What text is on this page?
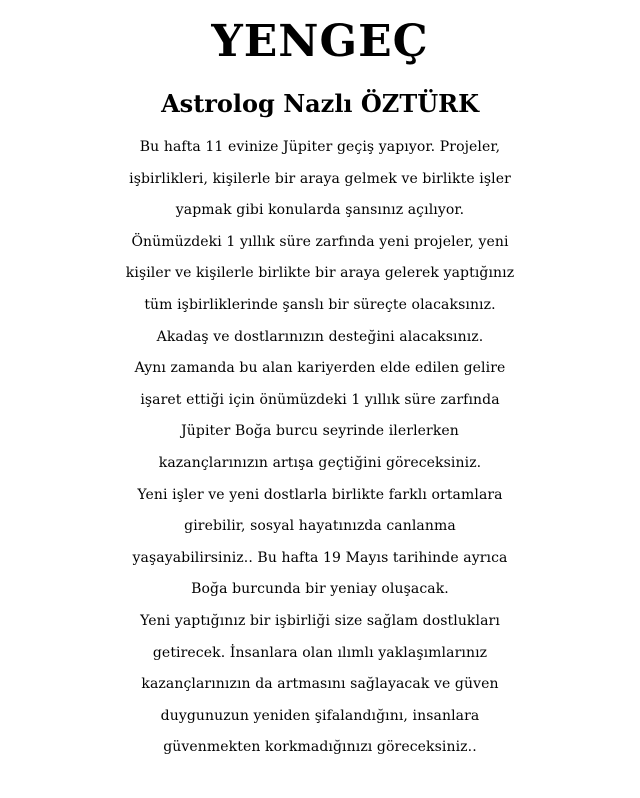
YENGEÇ
Astrolog Nazlı ÖZTÜRK
Bu hafta 11 evinize Jüpiter geçiş yapıyor. Projeler,
işbirlikleri, kişilerle bir araya gelmek ve birlikte işler
yapmak gibi konularda şansınız açılıyor.
Önümüzdeki 1 yıllık süre zarfında yeni projeler, yeni
kişiler ve kişilerle birlikte bir araya gelerek yaptığınız
tüm işbirliklerinde şanslı bir süreçte olacaksınız.
Akadaş ve dostlarınızın desteğini alacaksınız.
Aynı zamanda bu alan kariyerden elde edilen gelire
işaret ettiği için önümüzdeki 1 yıllık süre zarfında
Jüpiter Boğa burcu seyrinde ilerlerken
kazançlarınızın artışa geçtiğini göreceksiniz.
Yeni işler ve yeni dostlarla birlikte farklı ortamlara
girebilir, sosyal hayatınızda canlanma
yaşayabilirsiniz.. Bu hafta 19 Mayıs tarihinde ayrıca
Boğa burcunda bir yeniay oluşacak.
Yeni yaptığınız bir işbirliği size sağlam dostlukları
getirecek. İnsanlara olan ılımlı yaklaşımlarınız
kazançlarınızın da artmasını sağlayacak ve güven
duygunuzun yeniden şifalandığını, insanlara
güvenmekten korkmadığınızı göreceksiniz..
